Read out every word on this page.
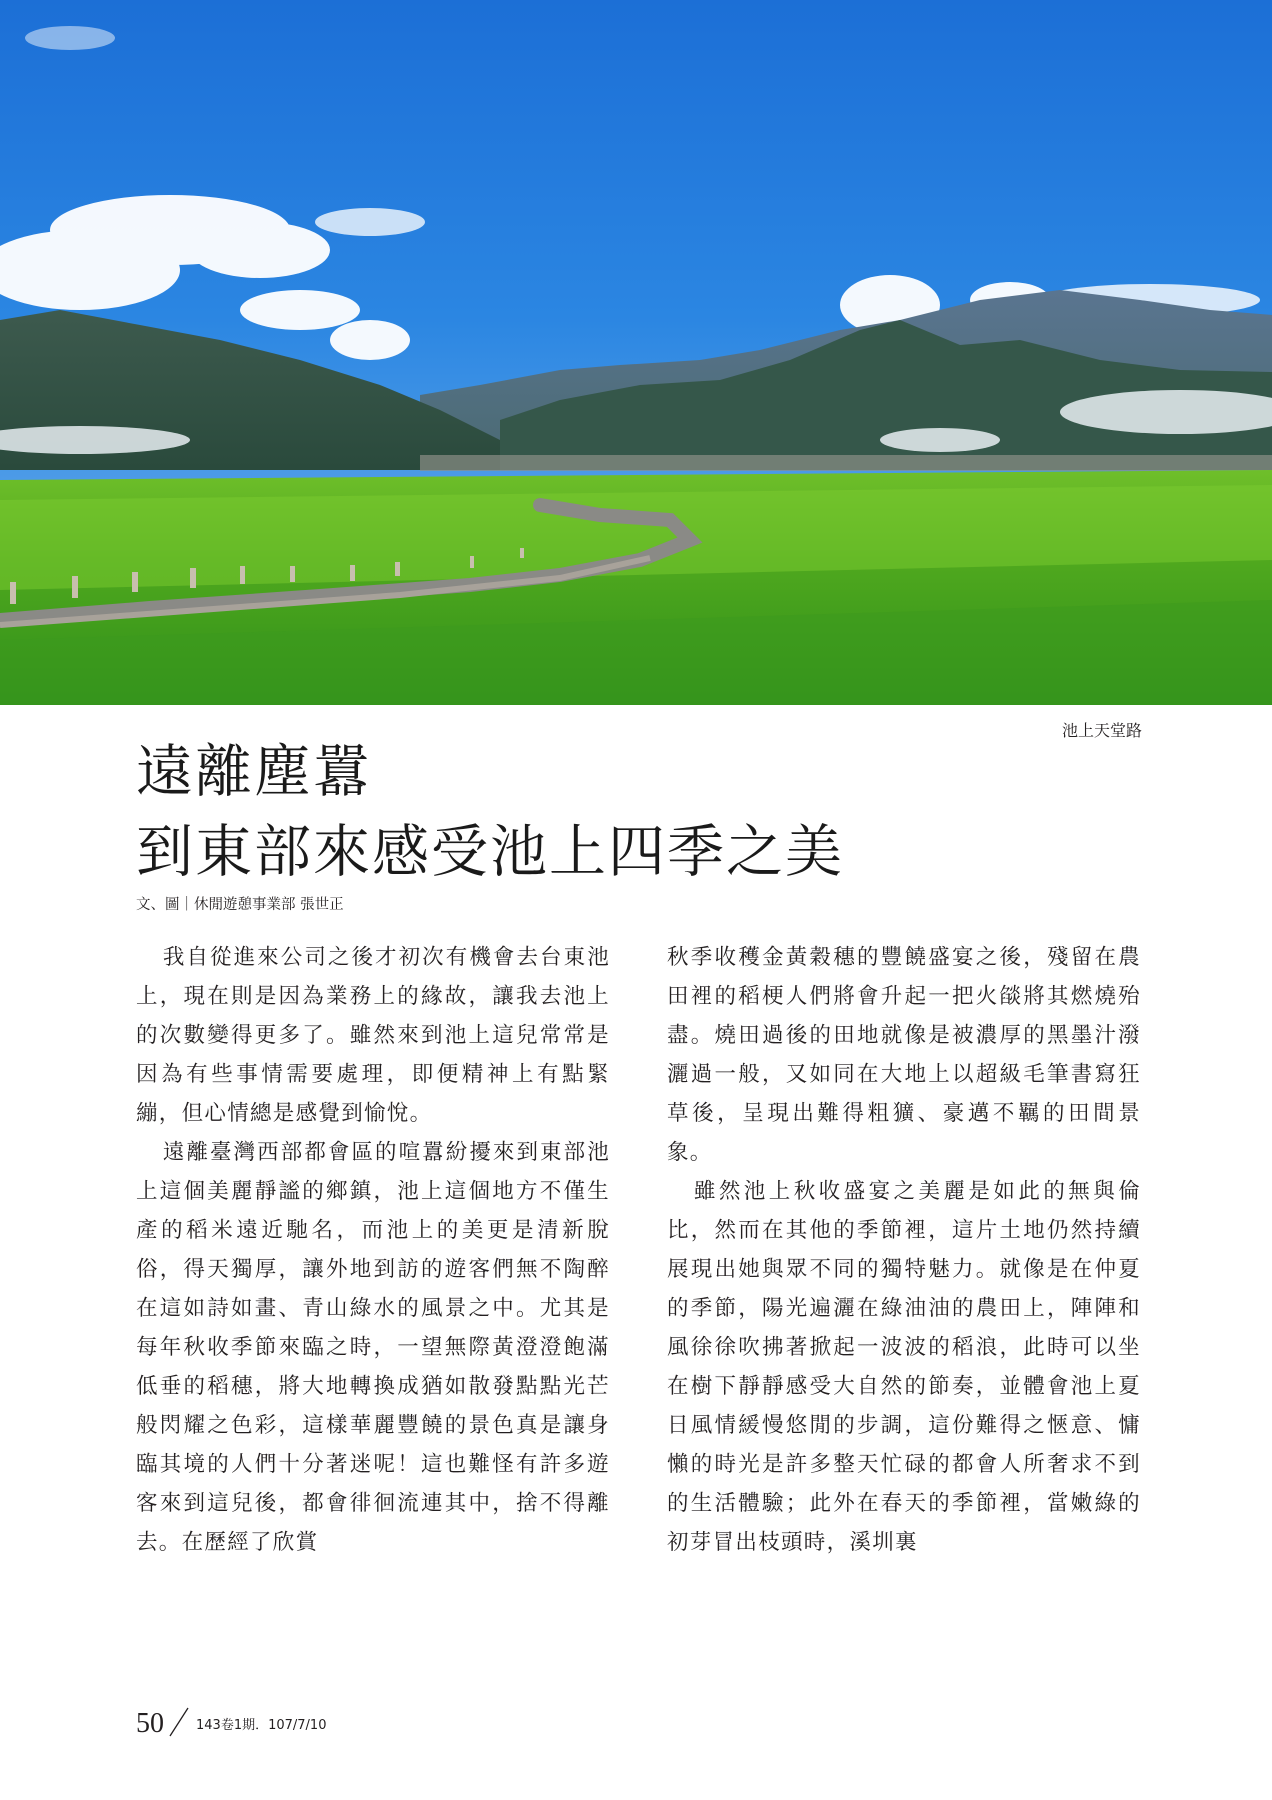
池上天堂路
遠離塵囂
到東部來感受池上四季之美
文、圖｜休閒遊憩事業部 張世正

我自從進來公司之後才初次有機會去台東池上，現在則是因為業務上的緣故，讓我去池上的次數變得更多了。雖然來到池上這兒常常是因為有些事情需要處理，即便精神上有點緊繃，但心情總是感覺到愉悅。

遠離臺灣西部都會區的喧囂紛擾來到東部池上這個美麗靜謐的鄉鎮，池上這個地方不僅生產的稻米遠近馳名，而池上的美更是清新脫俗，得天獨厚，讓外地到訪的遊客們無不陶醉在這如詩如畫、青山綠水的風景之中。尤其是每年秋收季節來臨之時，一望無際黃澄澄飽滿低垂的稻穗，將大地轉換成猶如散發點點光芒般閃耀之色彩，這樣華麗豐饒的景色真是讓身臨其境的人們十分著迷呢！這也難怪有許多遊客來到這兒後，都會徘徊流連其中，捨不得離去。在歷經了欣賞

秋季收穫金黃穀穗的豐饒盛宴之後，殘留在農田裡的稻梗人們將會升起一把火燄將其燃燒殆盡。燒田過後的田地就像是被濃厚的黑墨汁潑灑過一般，又如同在大地上以超級毛筆書寫狂草後，呈現出難得粗獷、豪邁不羈的田間景象。

雖然池上秋收盛宴之美麗是如此的無與倫比，然而在其他的季節裡，這片土地仍然持續展現出她與眾不同的獨特魅力。就像是在仲夏的季節，陽光遍灑在綠油油的農田上，陣陣和風徐徐吹拂著掀起一波波的稻浪，此時可以坐在樹下靜靜感受大自然的節奏，並體會池上夏日風情緩慢悠閒的步調，這份難得之愜意、慵懶的時光是許多整天忙碌的都會人所奢求不到的生活體驗；此外在春天的季節裡，當嫩綠的初芽冒出枝頭時，溪圳裏

50 143卷1期．107/7/10
